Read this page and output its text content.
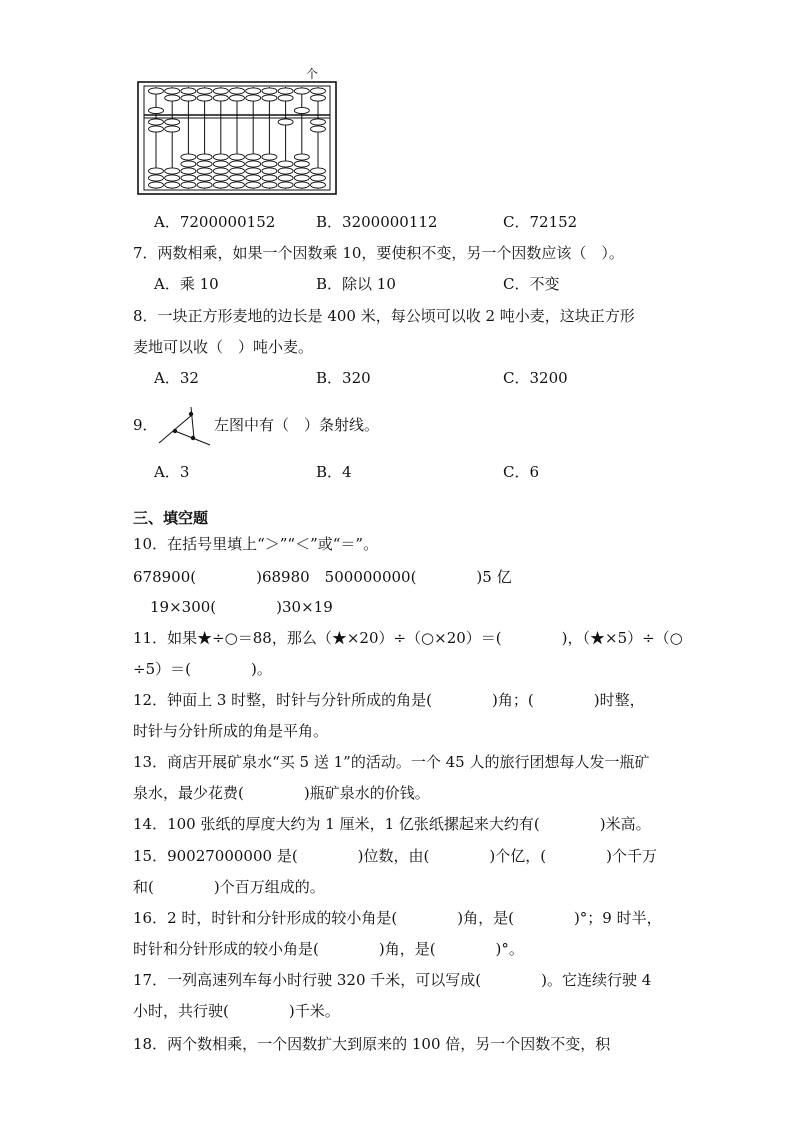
个
A．7200000152	B．3200000112	C．72152
7．两数相乘，如果一个因数乘 10，要使积不变，另一个因数应该（　）。
A．乘 10	B．除以 10	C．不变
8．一块正方形麦地的边长是 400 米，每公顷可以收 2 吨小麦，这块正方形
麦地可以收（　）吨小麦。
A．32	B．320	C．3200
9．	左图中有（　）条射线。
A．3	B．4	C．6
三、填空题
10．在括号里填上“＞”“＜”或“＝”。
678900(　　　　)68980　500000000(　　　　)5 亿
19×300(　　　　)30×19
11．如果★÷○＝88，那么（★×20）÷（○×20）＝(　　　　)，（★×5）÷（○
÷5）＝(　　　　)。
12．钟面上 3 时整，时针与分针所成的角是(　　　　)角；(　　　　)时整，
时针与分针所成的角是平角。
13．商店开展矿泉水“买 5 送 1”的活动。一个 45 人的旅行团想每人发一瓶矿
泉水，最少花费(　　　　)瓶矿泉水的价钱。
14．100 张纸的厚度大约为 1 厘米，1 亿张纸摞起来大约有(　　　　)米高。
15．90027000000 是(　　　　)位数，由(　　　　)个亿，(　　　　)个千万
和(　　　　)个百万组成的。
16．2 时，时针和分针形成的较小角是(　　　　)角，是(　　　　)°；9 时半，
时针和分针形成的较小角是(　　　　)角，是(　　　　)°。
17．一列高速列车每小时行驶 320 千米，可以写成(　　　　)。它连续行驶 4
小时，共行驶(　　　　)千米。
18．两个数相乘，一个因数扩大到原来的 100 倍，另一个因数不变，积
